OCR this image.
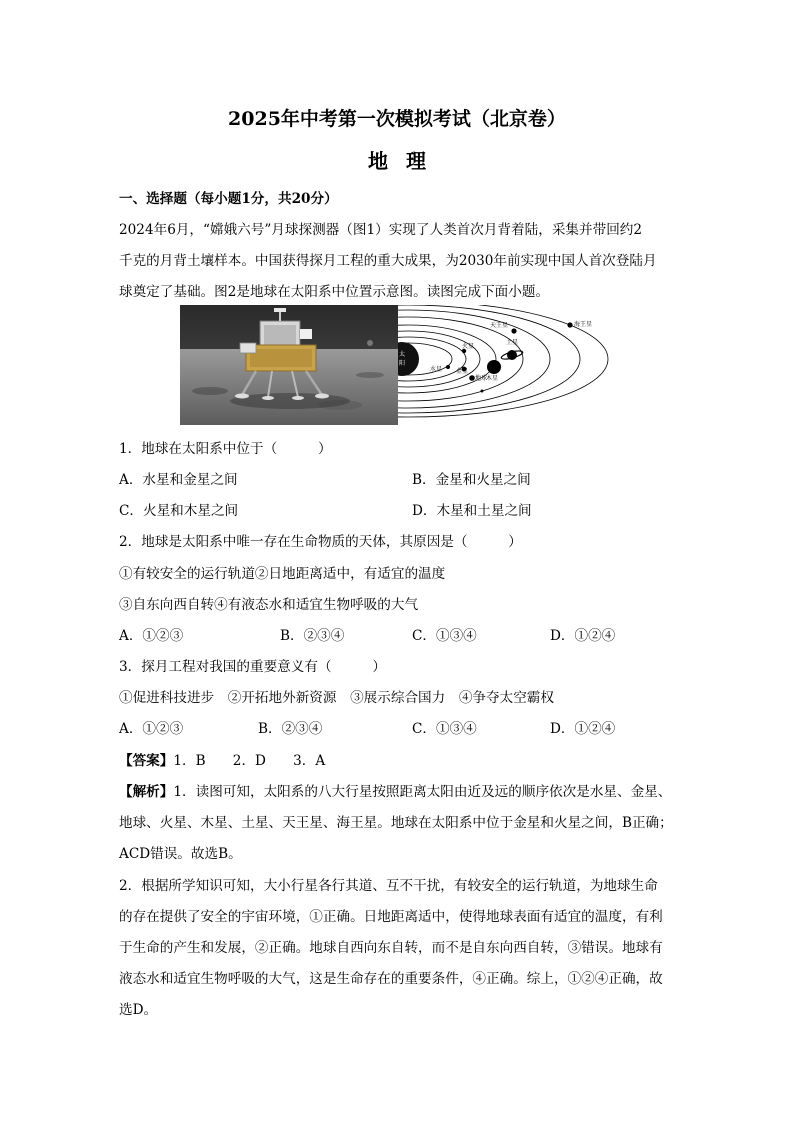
2025年中考第一次模拟考试（北京卷）
地理
一、选择题（每小题1分，共20分）
2024年6月，“嫦娥六号”月球探测器（图1）实现了人类首次月背着陆，采集并带回约2
千克的月背土壤样本。中国获得探月工程的重大成果，为2030年前实现中国人首次登陆月
球奠定了基础。图2是地球在太阳系中位置示意图。读图完成下面小题。
太
阳
水星 金星
地球
火星
木星
土星
天王星	海王星
1．地球在太阳系中位于（　　　）
A．水星和金星之间	B．金星和火星之间
C．火星和木星之间	D．木星和土星之间
2．地球是太阳系中唯一存在生命物质的天体，其原因是（　　　）
①有较安全的运行轨道②日地距离适中，有适宜的温度
③自东向西自转④有液态水和适宜生物呼吸的大气
A．①②③	B．②③④	C．①③④	D．①②④
3．探月工程对我国的重要意义有（　　　）
①促进科技进步　②开拓地外新资源　③展示综合国力　④争夺太空霸权
A．①②③	B．②③④	C．①③④	D．①②④
【答案】1．B　　2．D　　3．A
【解析】1．读图可知，太阳系的八大行星按照距离太阳由近及远的顺序依次是水星、金星、
地球、火星、木星、土星、天王星、海王星。地球在太阳系中位于金星和火星之间，B正确；
ACD错误。故选B。
2．根据所学知识可知，大小行星各行其道、互不干扰，有较安全的运行轨道，为地球生命
的存在提供了安全的宇宙环境，①正确。日地距离适中，使得地球表面有适宜的温度，有利
于生命的产生和发展，②正确。地球自西向东自转，而不是自东向西自转，③错误。地球有
液态水和适宜生物呼吸的大气，这是生命存在的重要条件，④正确。综上，①②④正确，故
选D。
